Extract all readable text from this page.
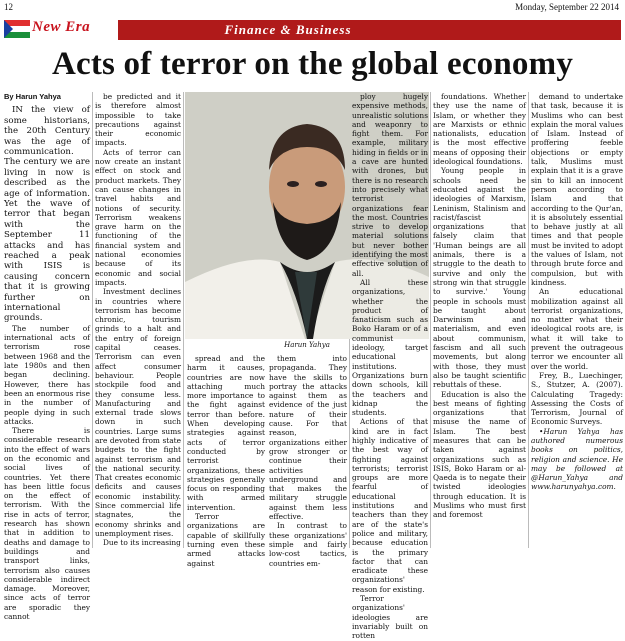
12	Monday, September 22 2014
New Era	Finance & Business
Acts of terror on the global economy
By Harun Yahya

IN the view of some historians, the 20th Century was the age of communication. The century we are living in now is described as the age of information. Yet the wave of terror that began with the September 11 attacks and has reached a peak with ISIS is causing concern that it is growing further on international grounds.

The number of international acts of terrorism rose between 1968 and the late 1980s and then began declining. However, there has been an enormous rise in the number of people dying in such attacks.

There is considerable research into the effect of wars on the economic and social lives of countries. Yet there has been little focus on the effect of terrorism. With the rise in acts of terror, research has shown that in addition to deaths and damage to buildings and transport links, terrorism also causes considerable indirect damage. Moreover, since acts of terror are sporadic they cannot

be predicted and it is therefore almost impossible to take precautions against their economic impacts.

Acts of terror can now create an instant effect on stock and product markets. They can cause changes in travel habits and notions of security. Terrorism weakens grave harm on the functioning of the financial system and national economies because of its economic and social impacts.

Investment declines in countries where terrorism has become chronic, tourism grinds to a halt and the entry of foreign capital ceases. Terrorism can even affect consumer behaviour. People stockpile food and they consume less. Manufacturing and external trade slows down in such countries. Large sums are devoted from state budgets to the fight against terrorism and the national security. That creates economic deficits and causes economic instability. Since commercial life stagnates, the economy shrinks and unemployment rises.

Due to its increasing

Harun Yahya

spread and the harm it causes, countries are now attaching much more importance to the fight against terror than before. When developing strategies against acts of terror conducted by terrorist organizations, these strategies generally focus on responding with armed intervention.

Terror organizations are capable of skillfully turning even these armed attacks against

them into propaganda. They have the skills to portray the attacks against them as evidence of the just nature of their cause. For that reason, organizations either grow stronger or continue their activities underground and that makes the military struggle against them less effective.

In contrast to these organizations' simple and fairly low-cost tactics, countries em-

ploy hugely expensive methods, unrealistic solutions and weaponry to fight them. For example, military hiding in fields or in a cave are hunted with drones, but there is no research into precisely what terrorist organizations fear the most. Countries strive to develop material solutions but never bother identifying the most effective solution of all.

All these organizations, whether the product of fanaticism such as Boko Haram or of a communist ideology, target educational institutions. Organizations burn down schools, kill the teachers and kidnap the students.

Actions of that kind are in fact highly indicative of the best way of fighting against terrorists; terrorist groups are more fearful of educational institutions and teachers than they are of the state's police and military, because education is the primary factor that can eradicate these organizations' reason for existing.

Terror organizations' ideologies are invariably built on rotten

foundations. Whether they use the name of Islam, or whether they are Marxists or ethnic nationalists, education is the most effective means of opposing their ideological foundations.

Young people in schools need be educated against the ideologies of Marxism, Leninism, Stalinism and racist/fascist organizations that falsely claim that 'Human beings are all animals, there is a struggle to the death to survive and only the strong win that struggle to survive.' Young people in schools must be taught about Darwinism and materialism, and even about communism, fascism and all such movements, but along with those, they must also be taught scientific rebuttals of these.

Education is also the best means of fighting organizations that misuse the name of Islam. The best measures that can be taken against organizations such as ISIS, Boko Haram or al-Qaeda is to negate their twisted ideologies through education. It is Muslims who must first and foremost

demand to undertake that task, because it is Muslims who can best explain the moral values of Islam. Instead of proffering feeble objections or empty talk, Muslims must explain that it is a grave sin to kill an innocent person according to Islam and that according to the Qur'an, it is absolutely essential to behave justly at all times and that people must be invited to adopt the values of Islam, not through brute force and compulsion, but with kindness.

An educational mobilization against all terrorist organizations, no matter what their ideological roots are, is what it will take to prevent the outrageous terror we encounter all over the world.

Frey, B., Luechinger, S., Stutzer, A. (2007). Calculating Tragedy: Assessing the Costs of Terrorism, Journal of Economic Surveys.

•Harun Yahya has authored numerous books on politics, religion and science. He may be followed at @Harun_Yahya and www.harunyahya.com.
